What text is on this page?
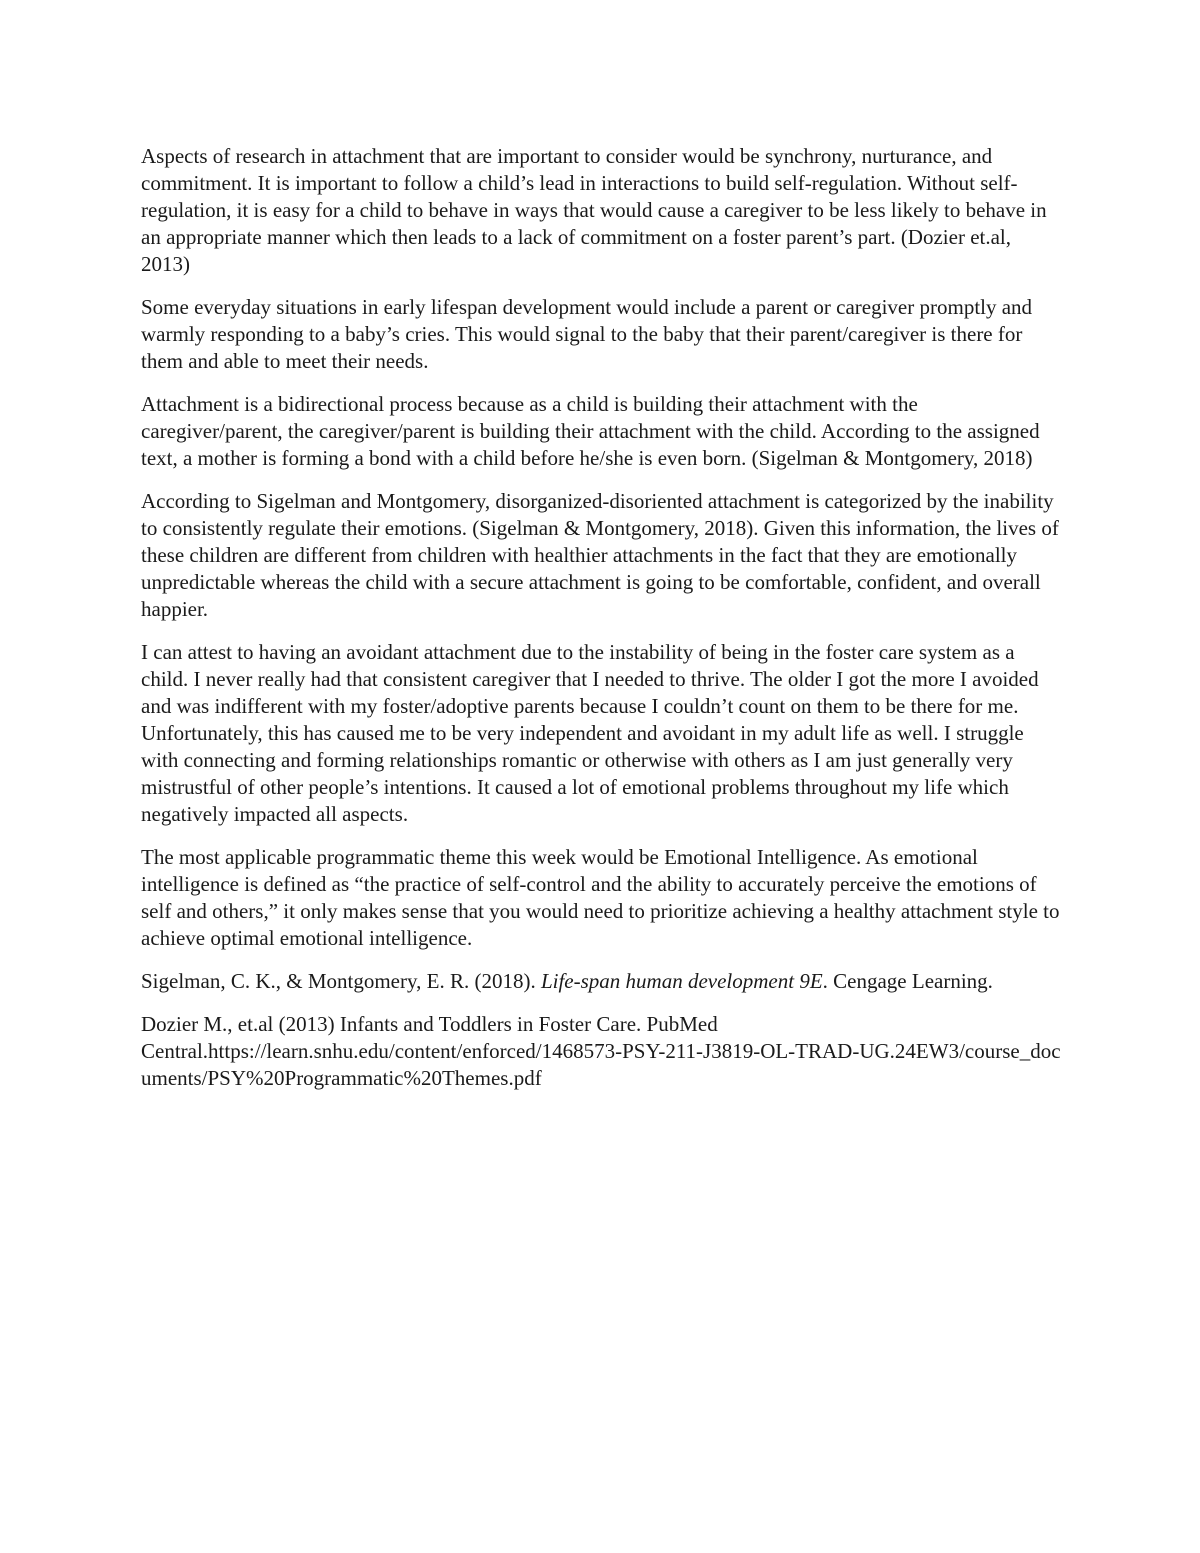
Aspects of research in attachment that are important to consider would be synchrony, nurturance, and commitment. It is important to follow a child’s lead in interactions to build self-regulation. Without self-regulation, it is easy for a child to behave in ways that would cause a caregiver to be less likely to behave in an appropriate manner which then leads to a lack of commitment on a foster parent’s part. (Dozier et.al, 2013)

Some everyday situations in early lifespan development would include a parent or caregiver promptly and warmly responding to a baby’s cries. This would signal to the baby that their parent/caregiver is there for them and able to meet their needs.

Attachment is a bidirectional process because as a child is building their attachment with the caregiver/parent, the caregiver/parent is building their attachment with the child. According to the assigned text, a mother is forming a bond with a child before he/she is even born. (Sigelman & Montgomery, 2018)

According to Sigelman and Montgomery, disorganized-disoriented attachment is categorized by the inability to consistently regulate their emotions. (Sigelman & Montgomery, 2018). Given this information, the lives of these children are different from children with healthier attachments in the fact that they are emotionally unpredictable whereas the child with a secure attachment is going to be comfortable, confident, and overall happier.

I can attest to having an avoidant attachment due to the instability of being in the foster care system as a child. I never really had that consistent caregiver that I needed to thrive. The older I got the more I avoided and was indifferent with my foster/adoptive parents because I couldn’t count on them to be there for me. Unfortunately, this has caused me to be very independent and avoidant in my adult life as well. I struggle with connecting and forming relationships romantic or otherwise with others as I am just generally very mistrustful of other people’s intentions. It caused a lot of emotional problems throughout my life which negatively impacted all aspects.

The most applicable programmatic theme this week would be Emotional Intelligence. As emotional intelligence is defined as “the practice of self-control and the ability to accurately perceive the emotions of self and others,” it only makes sense that you would need to prioritize achieving a healthy attachment style to achieve optimal emotional intelligence.

Sigelman, C. K., & Montgomery, E. R. (2018). Life-span human development 9E. Cengage Learning.
Dozier M., et.al (2013) Infants and Toddlers in Foster Care. PubMed
Central.https://learn.snhu.edu/content/enforced/1468573-PSY-211-J3819-OL-TRAD-UG.24EW3/course_documents/PSY%20Programmatic%20Themes.pdf
